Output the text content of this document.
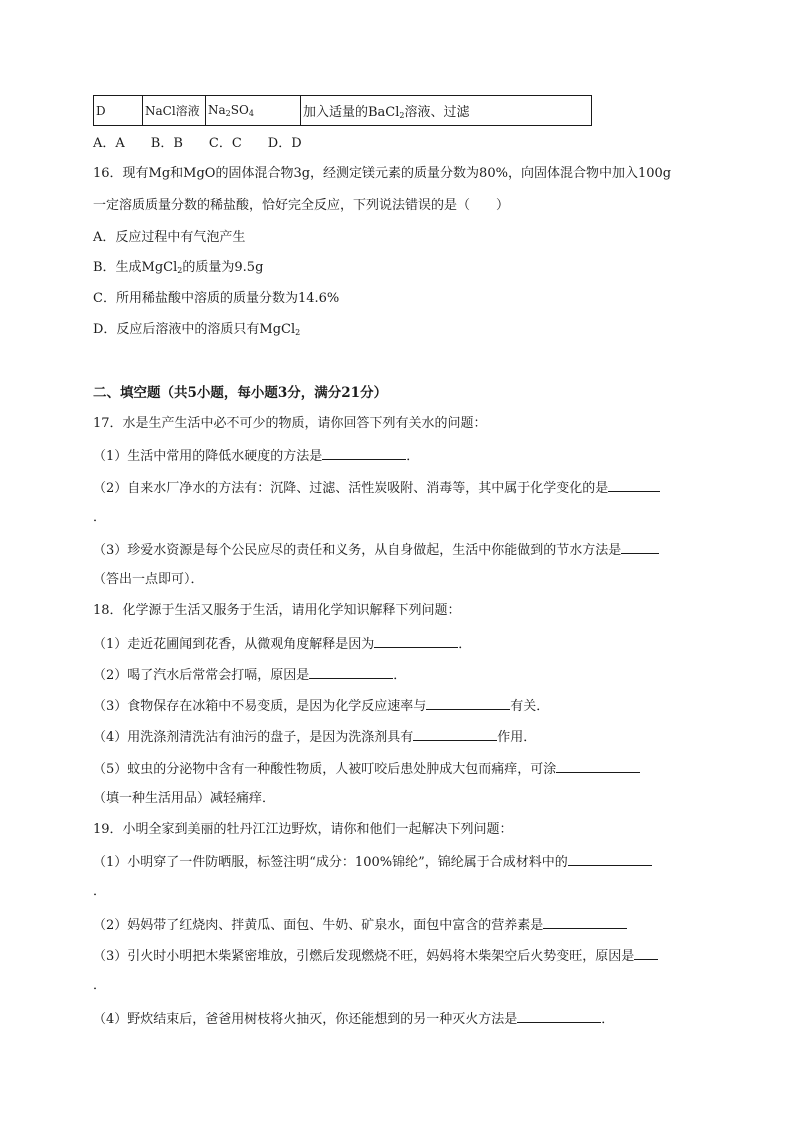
D	NaCl溶液	$Na_2SO_4$	加入适量的BaCl$_2$溶液、过滤
A．A　　B．B　　C．C　　D．D
16．现有Mg和MgO的固体混合物3g，经测定镁元素的质量分数为80%，向固体混合物中加入100g
一定溶质质量分数的稀盐酸，恰好完全反应，下列说法错误的是（　　）
A．反应过程中有气泡产生
B．生成MgCl$_2$的质量为9.5g
C．所用稀盐酸中溶质的质量分数为14.6%
D．反应后溶液中的溶质只有MgCl$_2$
二、填空题（共5小题，每小题3分，满分21分）
17．水是生产生活中必不可少的物质，请你回答下列有关水的问题：
（1）生活中常用的降低水硬度的方法是	．
（2）自来水厂净水的方法有：沉降、过滤、活性炭吸附、消毒等，其中属于化学变化的是
．
（3）珍爱水资源是每个公民应尽的责任和义务，从自身做起，生活中你能做到的节水方法是
（答出一点即可）．
18．化学源于生活又服务于生活，请用化学知识解释下列问题：
（1）走近花圃闻到花香，从微观角度解释是因为	．
（2）喝了汽水后常常会打嗝，原因是	．
（3）食物保存在冰箱中不易变质，是因为化学反应速率与	有关．
（4）用洗涤剂清洗沾有油污的盘子，是因为洗涤剂具有	作用．
（5）蚊虫的分泌物中含有一种酸性物质，人被叮咬后患处肿成大包而痛痒，可涂
（填一种生活用品）减轻痛痒．
19．小明全家到美丽的牡丹江江边野炊，请你和他们一起解决下列问题：
（1）小明穿了一件防晒服，标签注明“成分：100%锦纶”，锦纶属于合成材料中的
．
（2）妈妈带了红烧肉、拌黄瓜、面包、牛奶、矿泉水，面包中富含的营养素是
（3）引火时小明把木柴紧密堆放，引燃后发现燃烧不旺，妈妈将木柴架空后火势变旺，原因是
．
（4）野炊结束后，爸爸用树枝将火抽灭，你还能想到的另一种灭火方法是	．
